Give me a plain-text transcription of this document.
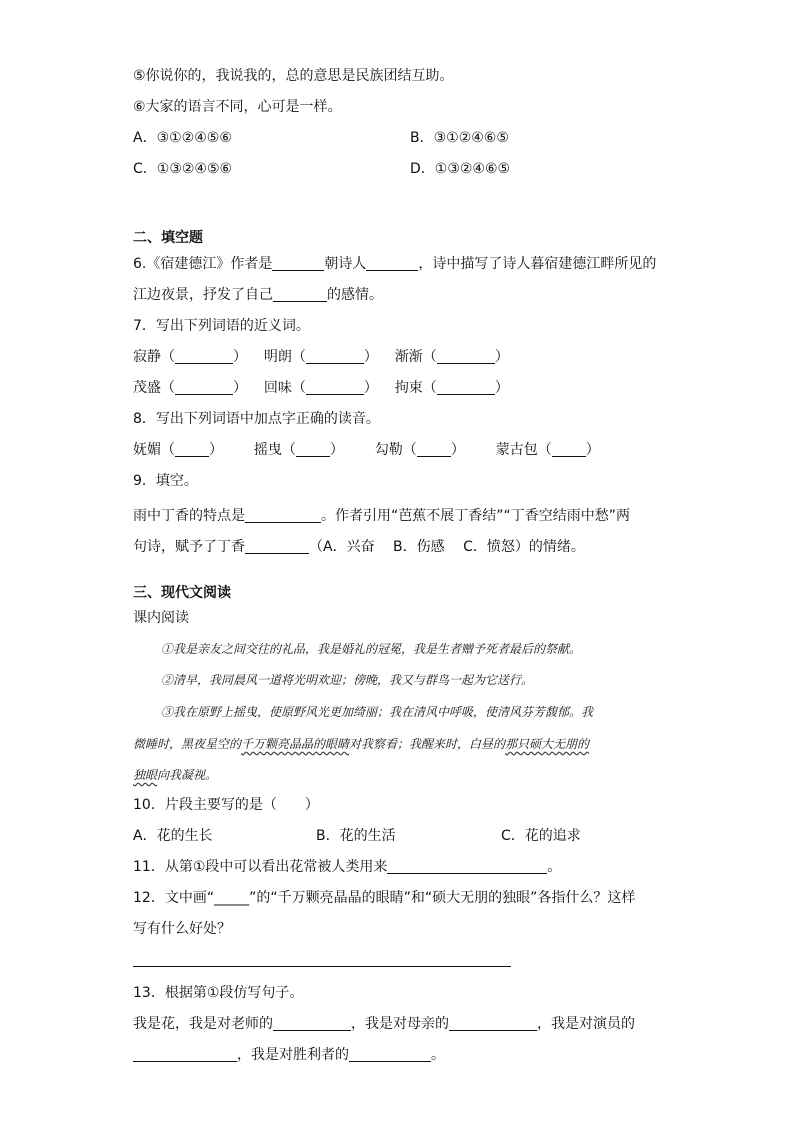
⑤你说你的，我说我的，总的意思是民族团结互助。
⑥大家的语言不同，心可是一样。
A．③①②④⑤⑥	B．③①②④⑥⑤
C．①③②④⑤⑥	D．①③②④⑥⑤
二、填空题
6.《宿建德江》作者是	朝诗人	，诗中描写了诗人暮宿建德江畔所见的
江边夜景，抒发了自己	的感情。
7．写出下列词语的近义词。
寂静（	） 明朗（	） 渐渐（	）
茂盛（	） 回味（	） 拘束（	）
8．写出下列词语中加点字正确的读音。
妩媚（ ） 摇曳（ ） 勾勒（ ） 蒙古包（ ）
9．填空。
雨中丁香的特点是	。作者引用“芭蕉不展丁香结”“丁香空结雨中愁”两
句诗，赋予了丁香	（A．兴奋　 B．伤感　 C．愤怒）的情绪。
三、现代文阅读
课内阅读
①我是亲友之间交往的礼品，我是婚礼的冠冕，我是生者赠予死者最后的祭献。
②清早，我同晨风一道将光明欢迎；傍晚，我又与群鸟一起为它送行。
③我在原野上摇曳，使原野风光更加绮丽；我在清风中呼吸，使清风芬芳馥郁。我
微睡时，黑夜星空的千万颗亮晶晶的眼睛对我察看；我醒来时，白昼的那只硕大无朋的
独眼向我凝视。
10．片段主要写的是（　　）
A．花的生长	B．花的生活	C．花的追求
11．从第①段中可以看出花常被人类用来	。
12．文中画“_____”的“千万颗亮晶晶的眼睛”和“硕大无朋的独眼”各指什么？这样
写有什么好处？
13．根据第①段仿写句子。
我是花，我是对老师的	，我是对母亲的	，我是对演员的
，我是对胜利者的	。
